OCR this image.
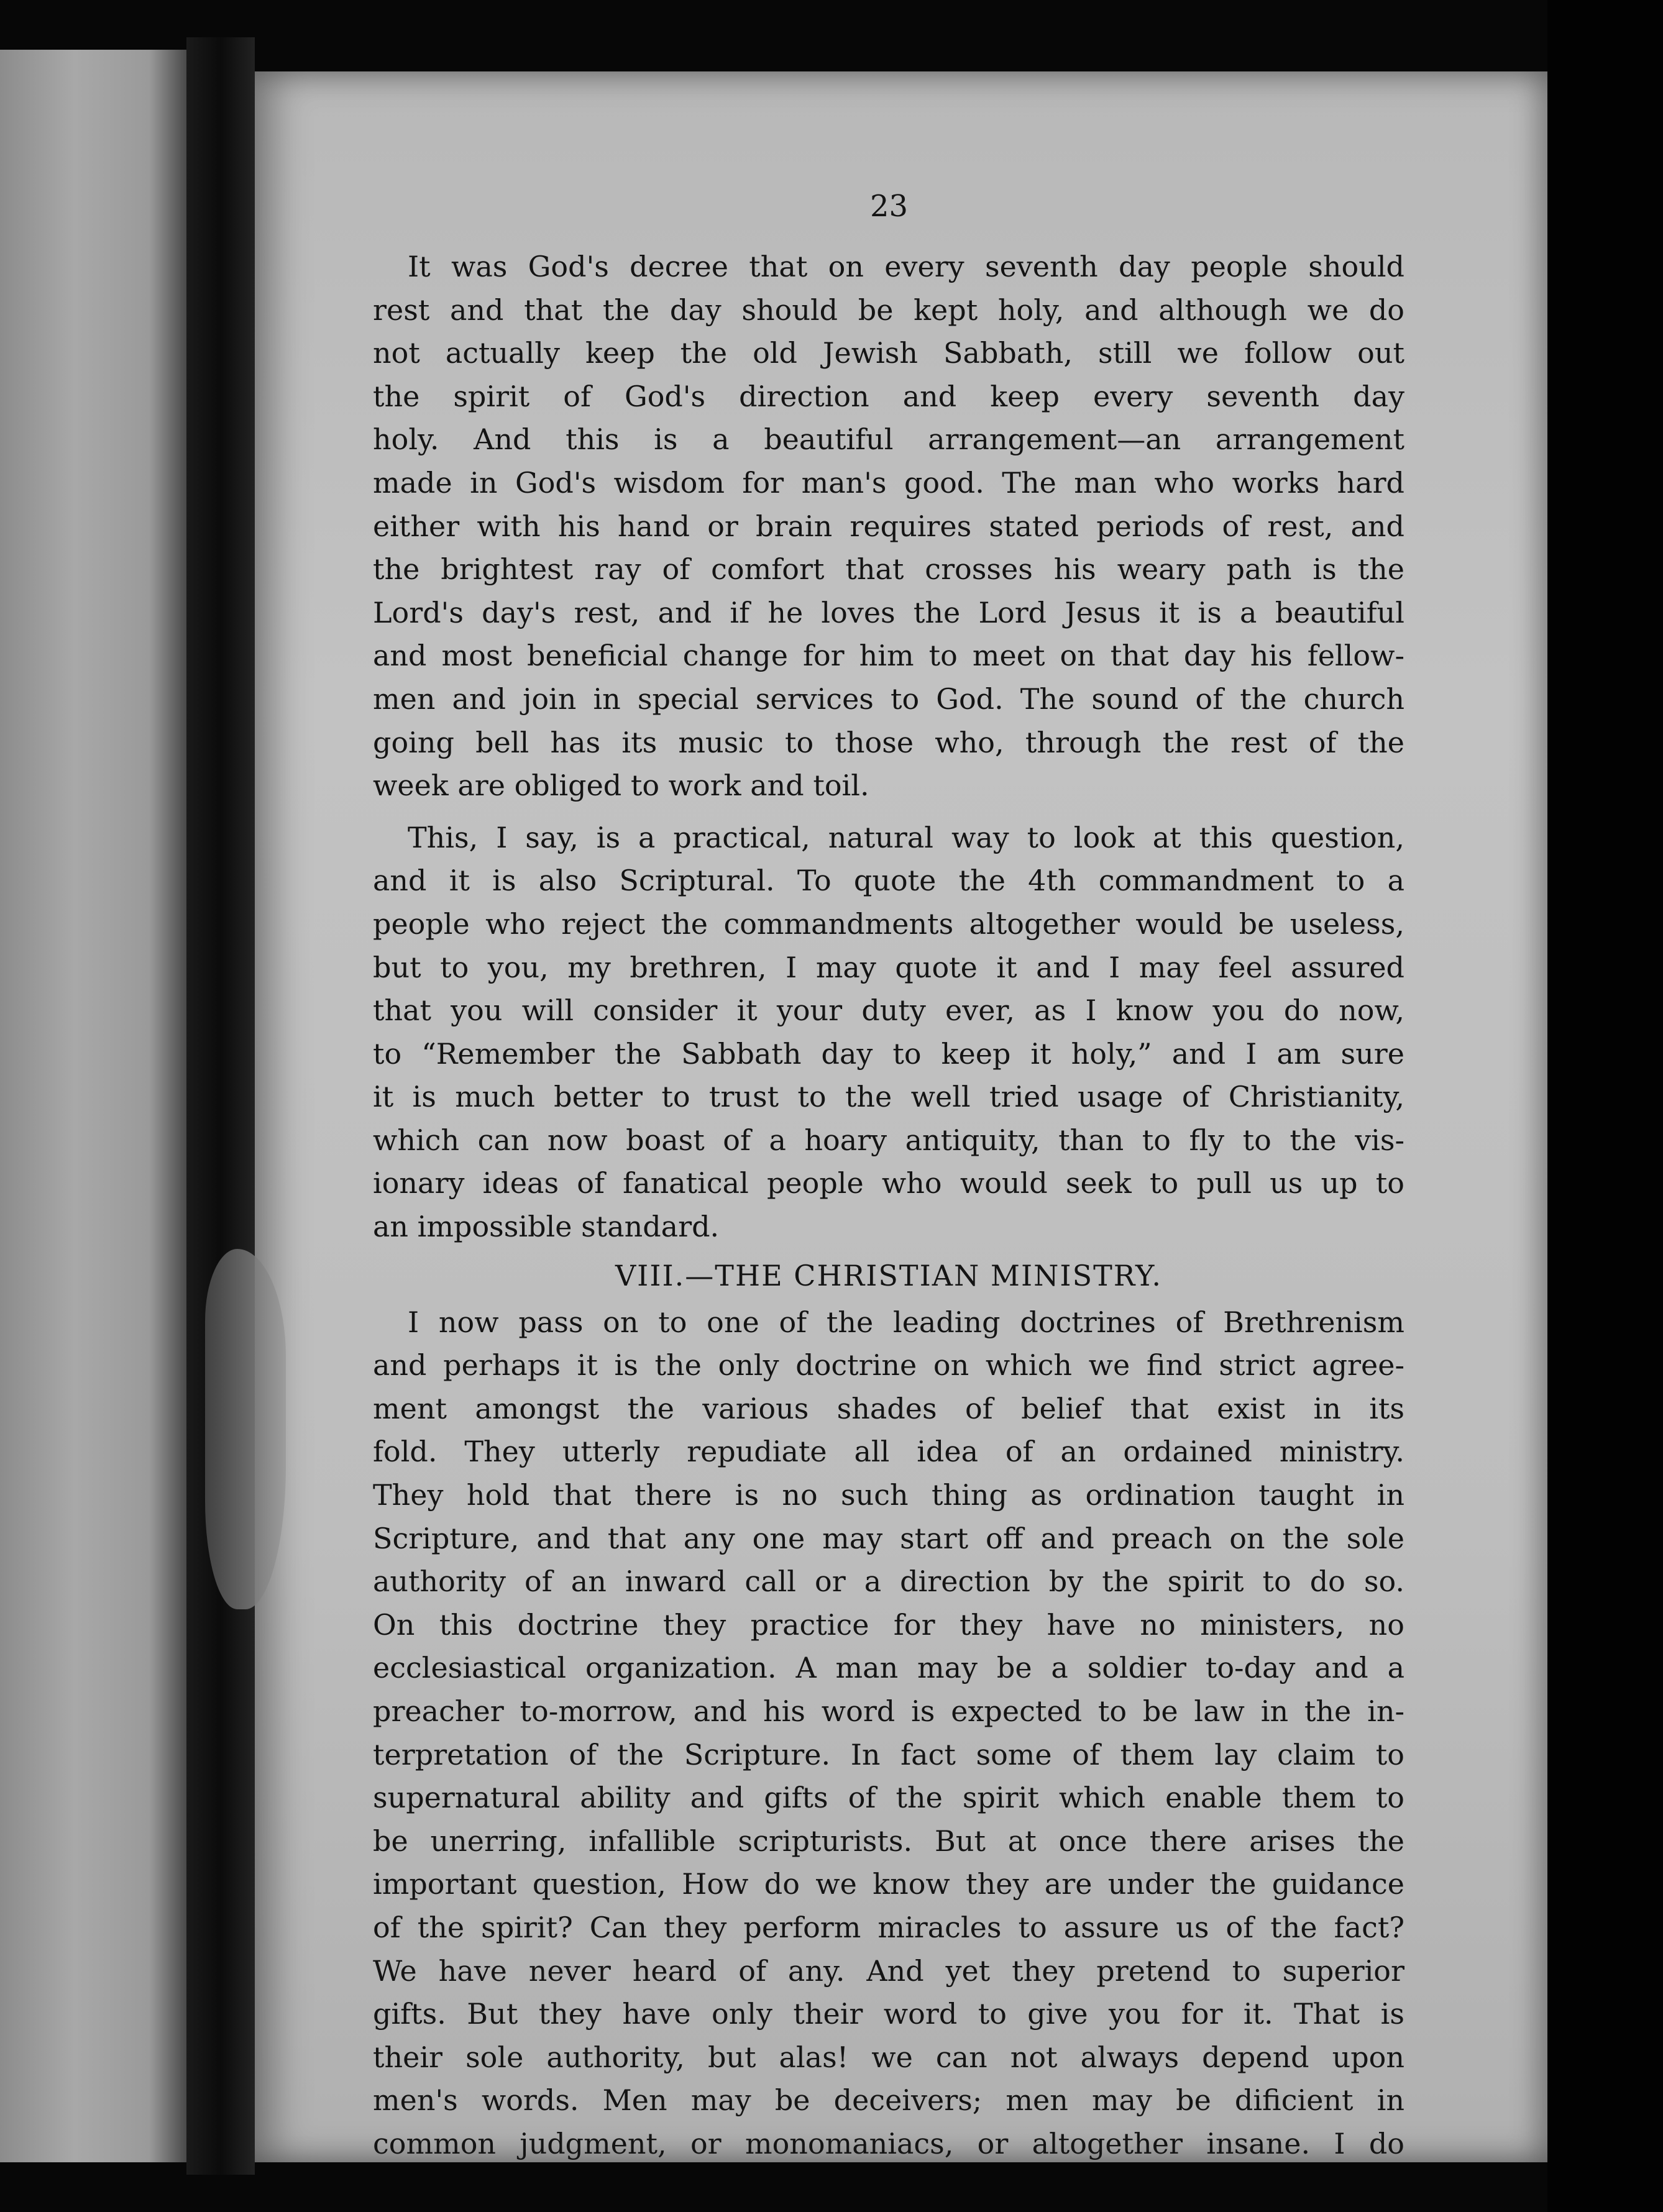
23

It was God's decree that on every seventh day people should
rest and that the day should be kept holy, and although we do
not actually keep the old Jewish Sabbath, still we follow out
the spirit of God's direction and keep every seventh day
holy. And this is a beautiful arrangement—an arrangement
made in God's wisdom for man's good. The man who works hard
either with his hand or brain requires stated periods of rest, and
the brightest ray of comfort that crosses his weary path is the
Lord's day's rest, and if he loves the Lord Jesus it is a beautiful
and most beneficial change for him to meet on that day his fellow-
men and join in special services to God. The sound of the church
going bell has its music to those who, through the rest of the
week are obliged to work and toil.

This, I say, is a practical, natural way to look at this question,
and it is also Scriptural. To quote the 4th commandment to a
people who reject the commandments altogether would be useless,
but to you, my brethren, I may quote it and I may feel assured
that you will consider it your duty ever, as I know you do now,
to “Remember the Sabbath day to keep it holy,” and I am sure
it is much better to trust to the well tried usage of Christianity,
which can now boast of a hoary antiquity, than to fly to the vis-
ionary ideas of fanatical people who would seek to pull us up to
an impossible standard.

VIII.—THE CHRISTIAN MINISTRY.

I now pass on to one of the leading doctrines of Brethrenism
and perhaps it is the only doctrine on which we find strict agree-
ment amongst the various shades of belief that exist in its
fold. They utterly repudiate all idea of an ordained ministry.
They hold that there is no such thing as ordination taught in
Scripture, and that any one may start off and preach on the sole
authority of an inward call or a direction by the spirit to do so.
On this doctrine they practice for they have no ministers, no
ecclesiastical organization. A man may be a soldier to-day and a
preacher to-morrow, and his word is expected to be law in the in-
terpretation of the Scripture. In fact some of them lay claim to
supernatural ability and gifts of the spirit which enable them to
be unerring, infallible scripturists. But at once there arises the
important question, How do we know they are under the guidance
of the spirit? Can they perform miracles to assure us of the fact?
We have never heard of any. And yet they pretend to superior
gifts. But they have only their word to give you for it. That is
their sole authority, but alas! we can not always depend upon
men's words. Men may be deceivers; men may be dificient in
common judgment, or monomaniacs, or altogether insane. I do
